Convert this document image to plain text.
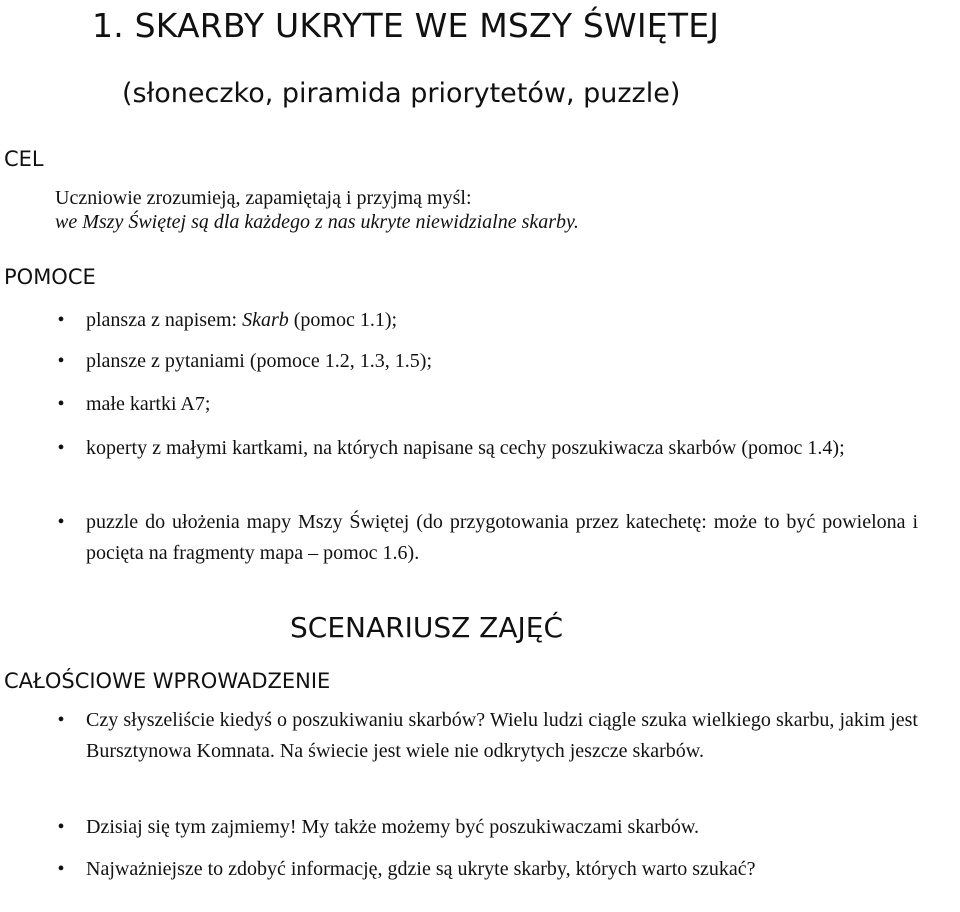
1. SKARBY UKRYTE WE MSZY ŚWIĘTEJ
(słoneczko, piramida priorytetów, puzzle)
CEL
Uczniowie zrozumieją, zapamiętają i przyjmą myśl:
we Mszy Świętej są dla każdego z nas ukryte niewidzialne skarby.
POMOCE
•	plansza z napisem: Skarb (pomoc 1.1);
•	plansze z pytaniami (pomoce 1.2, 1.3, 1.5);
•	małe kartki A7;
•	koperty z małymi kartkami, na których napisane są cechy poszukiwacza skarbów (pomoc 1.4);
•	puzzle do ułożenia mapy Mszy Świętej (do przygotowania przez katechetę: może to być powielona i pocięta na fragmenty mapa – pomoc 1.6).
SCENARIUSZ ZAJĘĆ
CAŁOŚCIOWE WPROWADZENIE
•	Czy słyszeliście kiedyś o poszukiwaniu skarbów? Wielu ludzi ciągle szuka wielkiego skarbu, jakim jest Bursztynowa Komnata. Na świecie jest wiele nie odkrytych jeszcze skarbów.
•	Dzisiaj się tym zajmiemy! My także możemy być poszukiwaczami skarbów.
•	Najważniejsze to zdobyć informację, gdzie są ukryte skarby, których warto szukać?
